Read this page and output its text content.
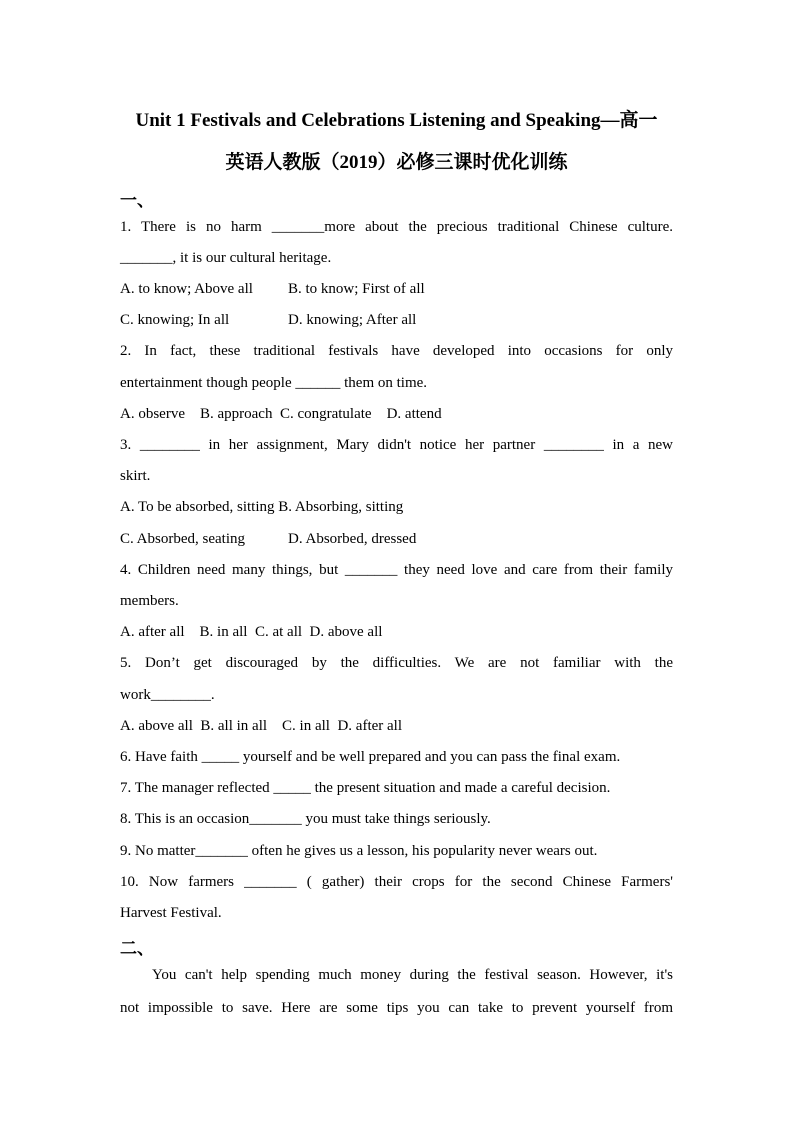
Unit 1 Festivals and Celebrations Listening and Speaking—高一
英语人教版（2019）必修三课时优化训练
一、
1. There is no harm _______more about the precious traditional Chinese culture.
_______, it is our cultural heritage.
A. to know; Above all B. to know; First of all
C. knowing; In all	D. knowing; After all
2. In fact, these traditional festivals have developed into occasions for only
entertainment though people ______ them on time.
A. observe    B. approach  C. congratulate    D. attend
3. ________ in her assignment, Mary didn't notice her partner ________ in a new
skirt.
A. To be absorbed, sitting B. Absorbing, sitting
C. Absorbed, seating	D. Absorbed, dressed
4. Children need many things, but _______ they need love and care from their family
members.
A. after all    B. in all  C. at all  D. above all
5. Don’t get discouraged by the difficulties. We are not familiar with the
work________.
A. above all  B. all in all    C. in all  D. after all
6. Have faith _____ yourself and be well prepared and you can pass the final exam.
7. The manager reflected _____ the present situation and made a careful decision.
8. This is an occasion_______ you must take things seriously.
9. No matter_______ often he gives us a lesson, his popularity never wears out.
10. Now farmers _______ ( gather) their crops for the second Chinese Farmers'
Harvest Festival.
二、
You can't help spending much money during the festival season. However, it's
not impossible to save. Here are some tips you can take to prevent yourself from
